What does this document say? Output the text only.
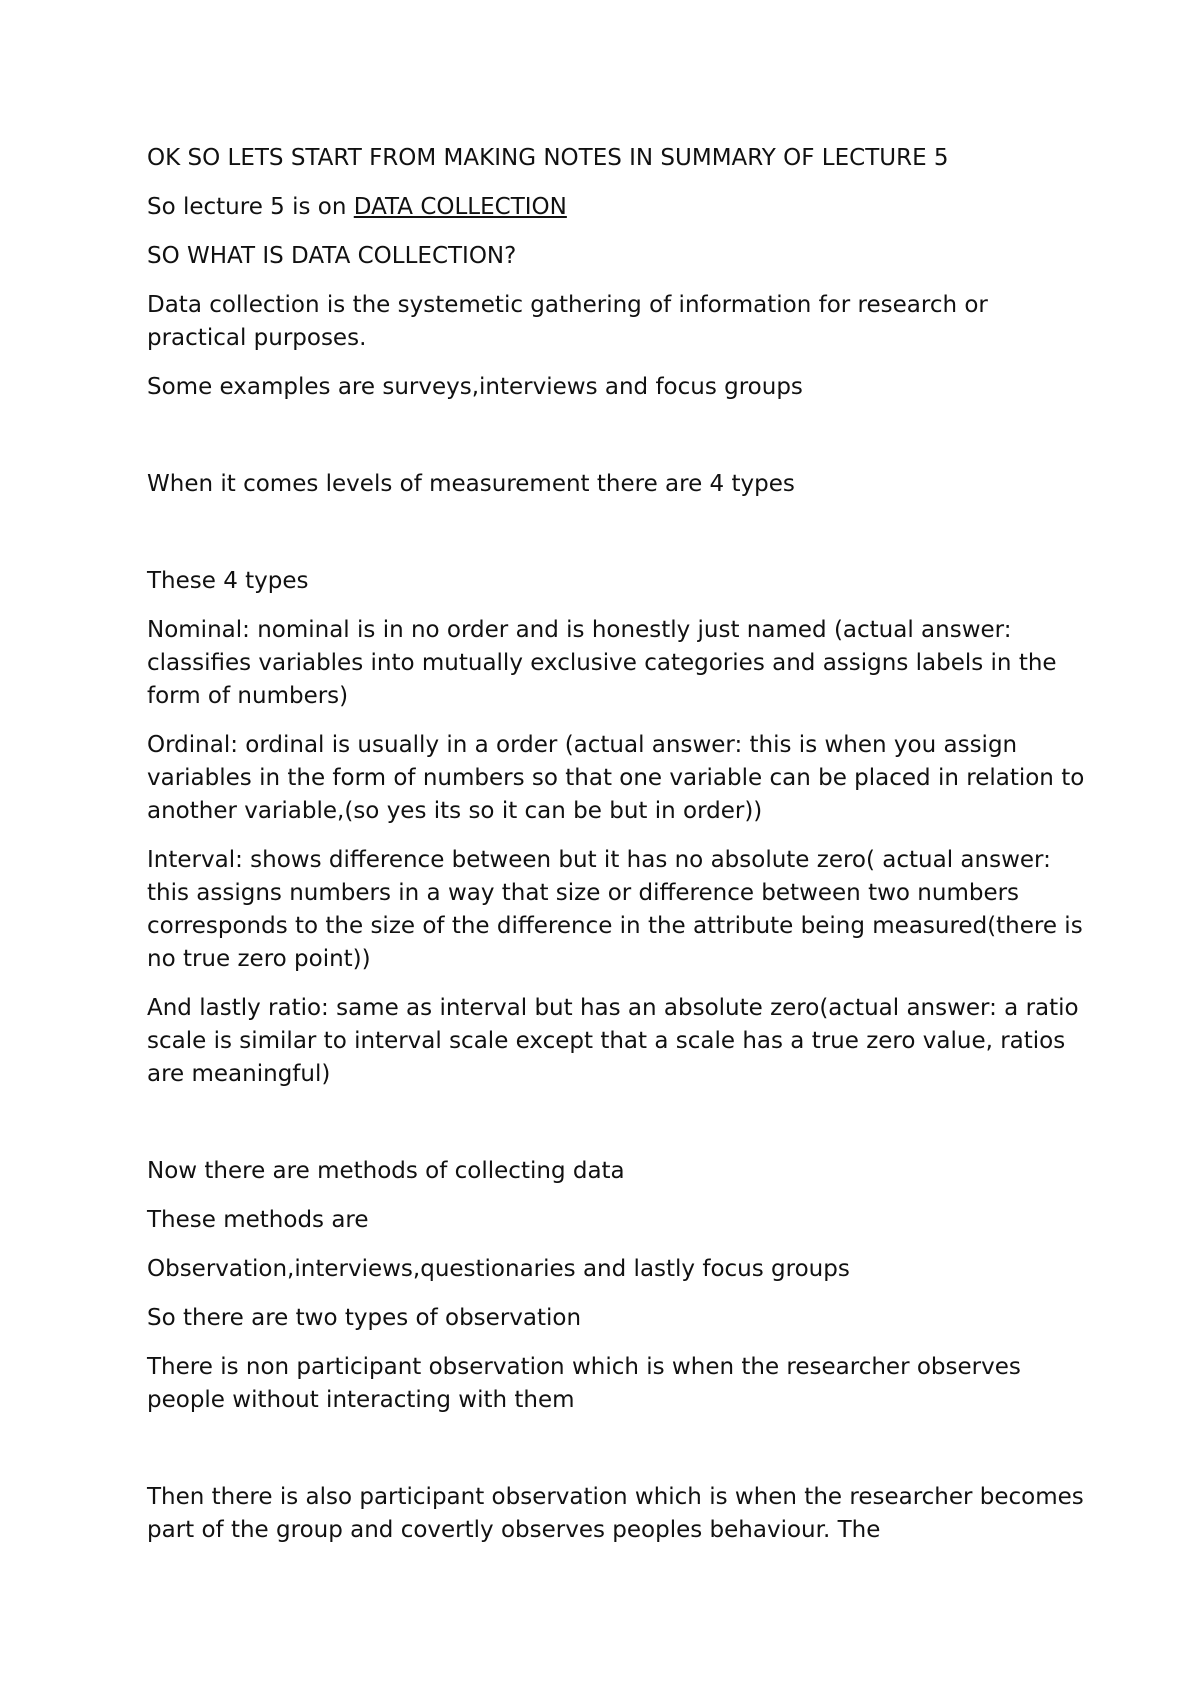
OK SO LETS START FROM MAKING NOTES IN SUMMARY OF LECTURE 5

So lecture 5 is on DATA COLLECTION

SO WHAT IS DATA COLLECTION?

Data collection is the systemetic gathering of information for research or practical purposes.

Some examples are surveys,interviews and focus groups

When it comes levels of measurement there are 4 types

These 4 types

Nominal: nominal is in no order and is honestly just named (actual answer: classifies variables into mutually exclusive categories and assigns labels in the form of numbers)

Ordinal: ordinal is usually in a order (actual answer: this is when you assign variables in the form of numbers so that one variable can be placed in relation to another variable,(so yes its so it can be but in order))

Interval: shows difference between but it has no absolute zero( actual answer: this assigns numbers in a way that size or difference between two numbers corresponds to the size of the difference in the attribute being measured(there is no true zero point))

And lastly ratio: same as interval but has an absolute zero(actual answer: a ratio scale is similar to interval scale except that a scale has a true zero value, ratios are meaningful)

Now there are methods of collecting data

These methods are

Observation,interviews,questionaries and lastly focus groups

So there are two types of observation

There is non participant observation which is when the researcher observes people without interacting with them

Then there is also participant observation which is when the researcher becomes part of the group and covertly observes peoples behaviour. The
